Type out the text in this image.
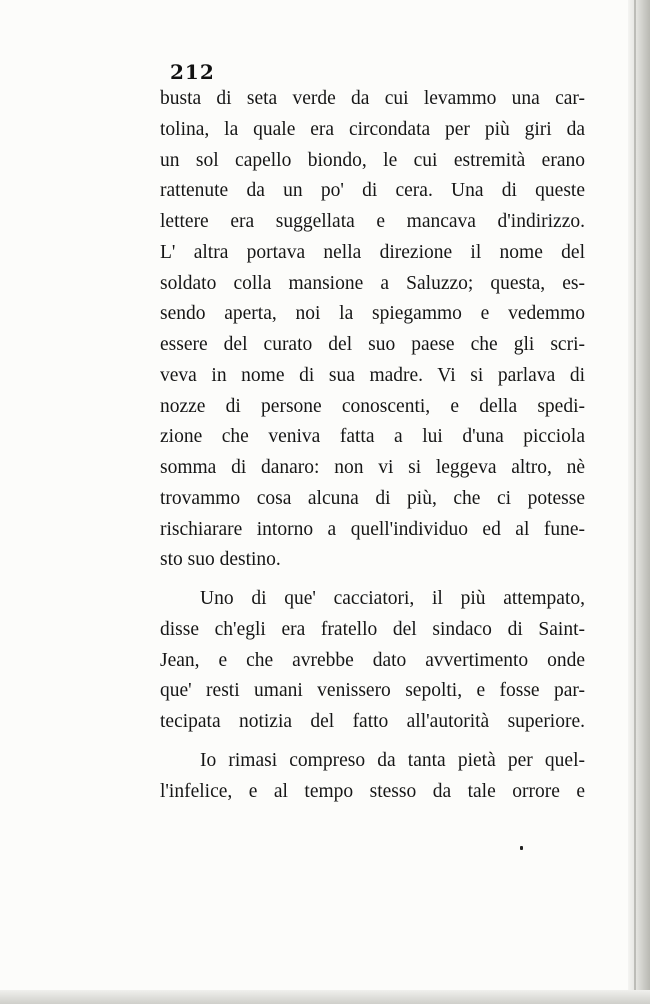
212
busta di seta verde da cui levammo una car-
tolina, la quale era circondata per più giri da
un sol capello biondo, le cui estremità erano
rattenute da un po' di cera. Una di queste
lettere era suggellata e mancava d'indirizzo.
L' altra portava nella direzione il nome del
soldato colla mansione a Saluzzo; questa, es-
sendo aperta, noi la spiegammo e vedemmo
essere del curato del suo paese che gli scri-
veva in nome di sua madre. Vi si parlava di
nozze di persone conoscenti, e della spedi-
zione che veniva fatta a lui d'una picciola
somma di danaro: non vi si leggeva altro, nè
trovammo cosa alcuna di più, che ci potesse
rischiarare intorno a quell'individuo ed al fune-
sto suo destino.
Uno di que' cacciatori, il più attempato,
disse ch'egli era fratello del sindaco di Saint-
Jean, e che avrebbe dato avvertimento onde
que' resti umani venissero sepolti, e fosse par-
tecipata notizia del fatto all'autorità superiore.
Io rimasi compreso da tanta pietà per quel-
l'infelice, e al tempo stesso da tale orrore e
